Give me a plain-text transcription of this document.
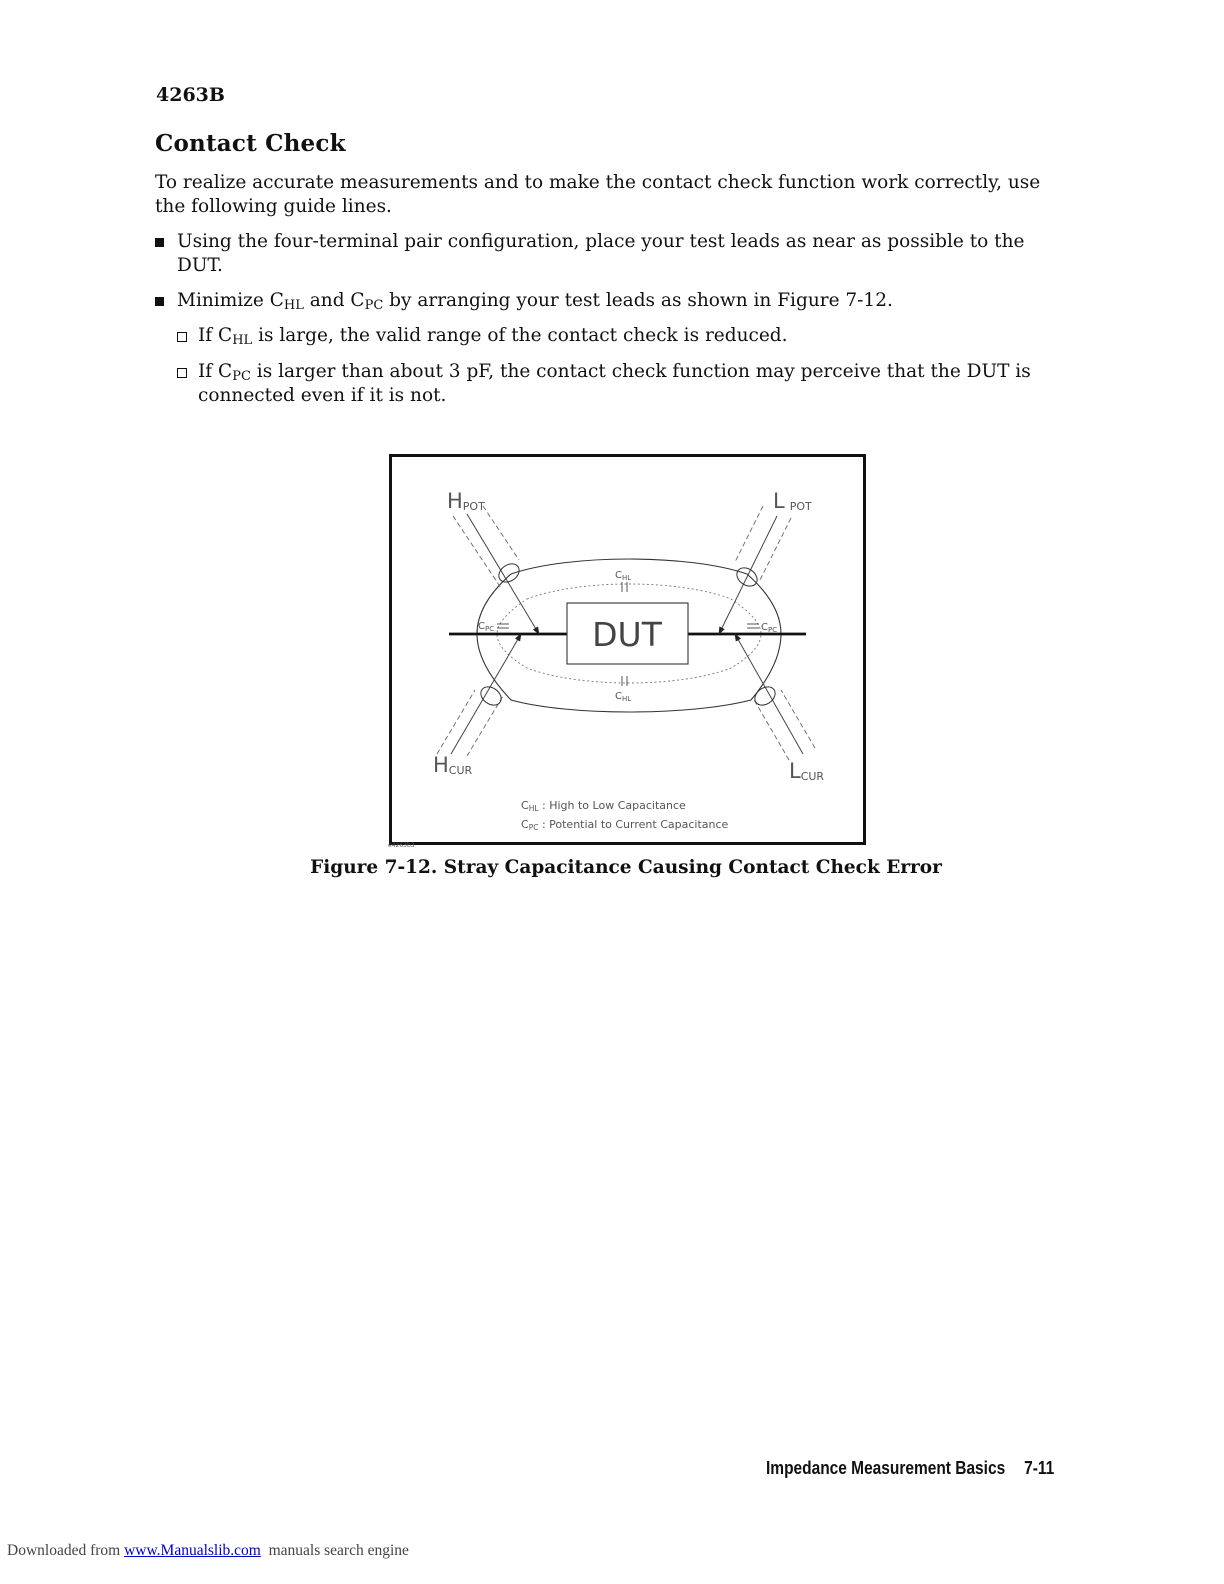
4263B
Contact Check
To realize accurate measurements and to make the contact check function work correctly, use the following guide lines.
Using the four-terminal pair configuration, place your test leads as near as possible to the DUT.
Minimize $C_{HL}$ and $C_{PC}$ by arranging your test leads as shown in Figure 7-12.
If $C_{HL}$ is large, the valid range of the contact check is reduced.
If $C_{PC}$ is larger than about 3 pF, the contact check function may perceive that the DUT is connected even if it is not.
DUT
HPOT	LPOT
HCUR	LCUR
$C_{HL}$
$C_{HL}$
$C_{PC}$	$C_{PC}$
CHL : High to Low Capacitance
CPC : Potential to Current Capacitance
e4263b3
Figure 7-12. Stray Capacitance Causing Contact Check Error
Impedance Measurement Basics 7-11
Downloaded from www.Manualslib.com  manuals search engine
